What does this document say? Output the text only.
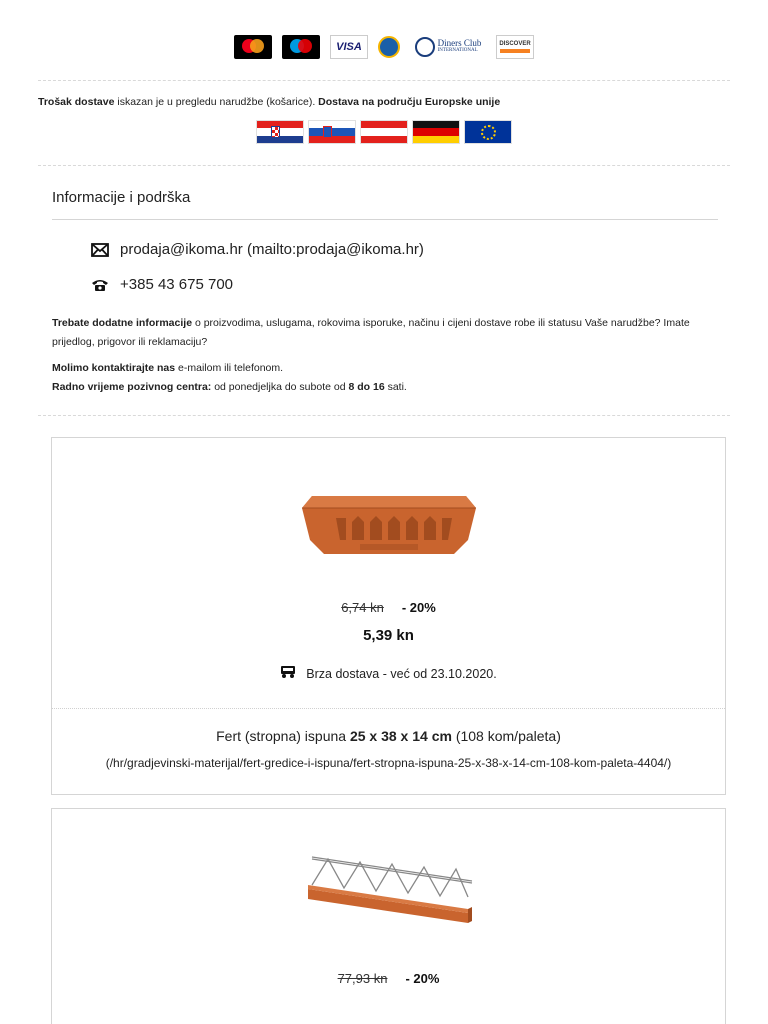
VISA	Diners Club
INTERNATIONAL
DISCOVER
Trošak dostave iskazan je u pregledu narudžbe (košarice). Dostava na području Europske unije
Informacije i podrška
prodaja@ikoma.hr (mailto:prodaja@ikoma.hr)
+385 43 675 700
Trebate dodatne informacije o proizvodima, uslugama, rokovima isporuke, načinu i cijeni dostave robe ili statusu Vaše narudžbe? Imate prijedlog, prigovor ili reklamaciju?
Molimo kontaktirajte nas e-mailom ili telefonom.
Radno vrijeme pozivnog centra: od ponedjeljka do subote od 8 do 16 sati.
6,74 kn - 20%
5,39 kn
Brza dostava - već od 23.10.2020.
Fert (stropna) ispuna 25 x 38 x 14 cm (108 kom/paleta)
(/hr/gradjevinski-materijal/fert-gredice-i-ispuna/fert-stropna-ispuna-25-x-38-x-14-cm-108-kom-paleta-4404/)
77,93 kn - 20%
